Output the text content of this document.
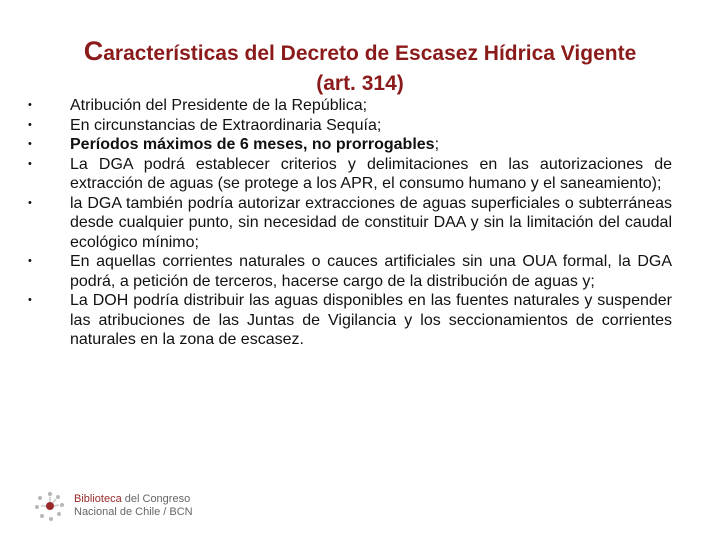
Características del Decreto de Escasez Hídrica Vigente
(art. 314)
•	Atribución del Presidente de la República;
•	En circunstancias de Extraordinaria Sequía;
•	Períodos máximos de 6 meses, no prorrogables;
•	La DGA podrá establecer criterios y delimitaciones en las autorizaciones de extracción de aguas (se protege a los APR, el consumo humano y el saneamiento);
•	la DGA también podría autorizar extracciones de aguas superficiales o subterráneas desde cualquier punto, sin necesidad de constituir DAA y sin la limitación del caudal ecológico mínimo;
•	En aquellas corrientes naturales o cauces artificiales sin una OUA formal, la DGA podrá, a petición de terceros, hacerse cargo de la distribución de aguas y;
•	La DOH podría distribuir las aguas disponibles en las fuentes naturales y suspender las atribuciones de las Juntas de Vigilancia y los seccionamientos de corrientes naturales en la zona de escasez.
Biblioteca del Congreso
Nacional de Chile / BCN
